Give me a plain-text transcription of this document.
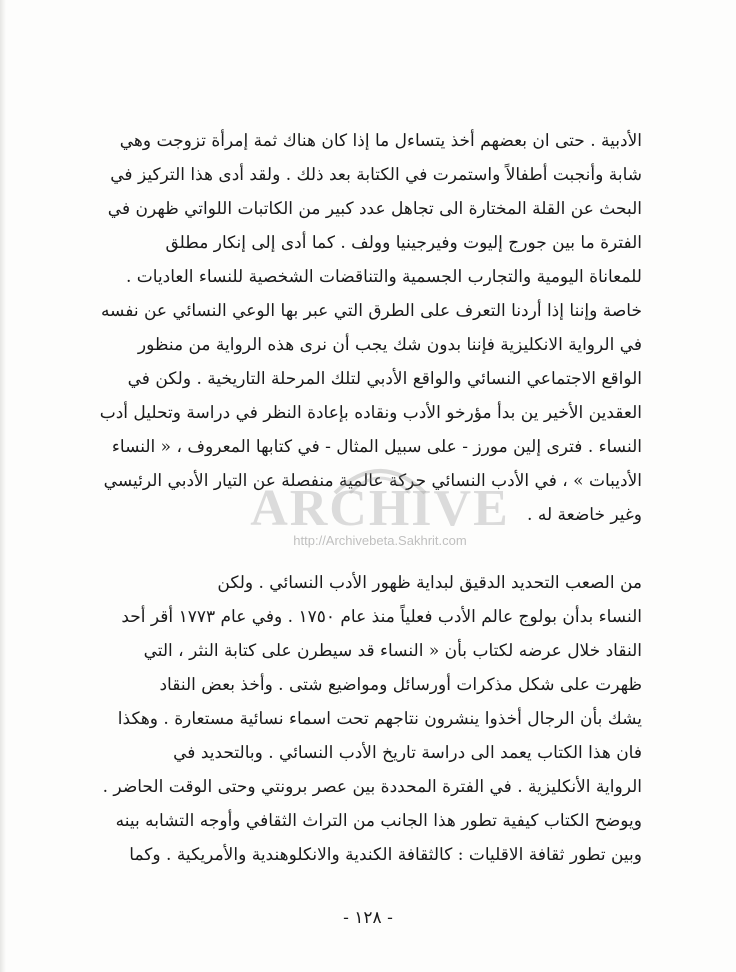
الأدبية . حتى ان بعضهم أخذ يتساءل ما إذا كان هناك ثمة إمرأة تزوجت وهي
شابة وأنجبت أطفالاً واستمرت في الكتابة بعد ذلك . ولقد أدى هذا التركيز في
البحث عن القلة المختارة الى تجاهل عدد كبير من الكاتبات اللواتي ظهرن في
الفترة ما بين جورج إليوت وفيرجينيا وولف . كما أدى إلى إنكار مطلق
للمعاناة اليومية والتجارب الجسمية والتناقضات الشخصية للنساء العاديات .
خاصة وإننا إذا أردنا التعرف على الطرق التي عبر بها الوعي النسائي عن نفسه
في الرواية الانكليزية فإننا بدون شك يجب أن نرى هذه الرواية من منظور
الواقع الاجتماعي النسائي والواقع الأدبي لتلك المرحلة التاريخية . ولكن في
العقدين الأخير ين بدأ مؤرخو الأدب ونقاده بإعادة النظر في دراسة وتحليل أدب
النساء . فترى إلين مورز - على سبيل المثال - في كتابها المعروف ، « النساء
الأديبات » ، في الأدب النسائي حركة عالمية منفصلة عن التيار الأدبي الرئيسي
وغير خاضعة له .
من الصعب التحديد الدقيق لبداية ظهور الأدب النسائي . ولكن
النساء بدأن بولوج عالم الأدب فعلياً منذ عام ١٧٥٠ . وفي عام ١٧٧٣ أقر أحد
النقاد خلال عرضه لكتاب بأن « النساء قد سيطرن على كتابة النثر ، التي
ظهرت على شكل مذكرات أورسائل ومواضيع شتى . وأخذ بعض النقاد
يشك بأن الرجال أخذوا ينشرون نتاجهم تحت اسماء نسائية مستعارة . وهكذا
فان هذا الكتاب يعمد الى دراسة تاريخ الأدب النسائي . وبالتحديد في
الرواية الأنكليزية . في الفترة المحددة بين عصر برونتي وحتى الوقت الحاضر .
ويوضح الكتاب كيفية تطور هذا الجانب من التراث الثقافي وأوجه التشابه بينه
وبين تطور ثقافة الاقليات : كالثقافة الكندية والانكلوهندية والأمريكية . وكما
ARCHIVE
http://Archivebeta.Sakhrit.com
- ١٢٨ -
